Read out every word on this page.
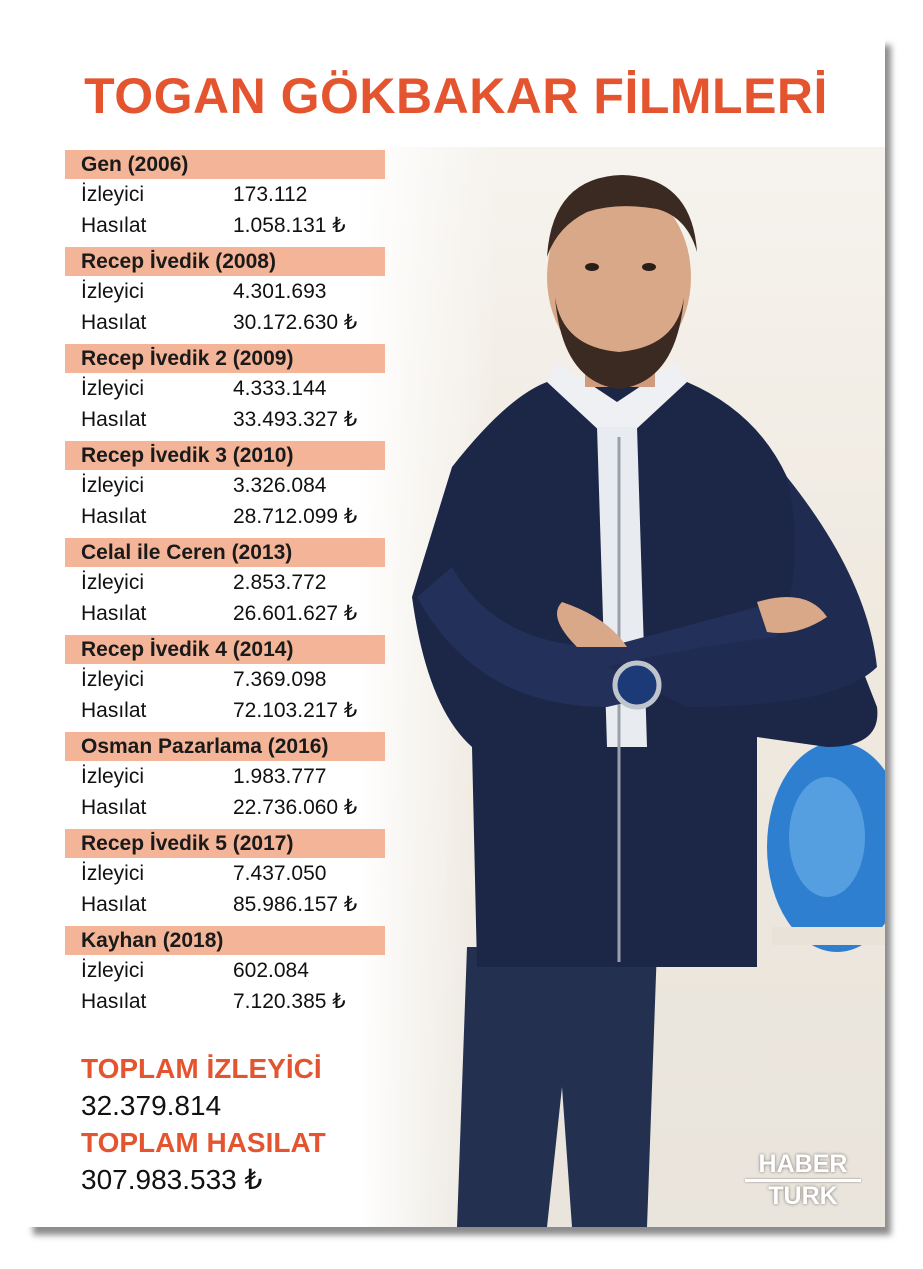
TOGAN GÖKBAKAR FİLMLERİ
Gen (2006)
İzleyici	173.112
Hasılat	1.058.131 ₺
Recep İvedik (2008)
İzleyici	4.301.693
Hasılat	30.172.630 ₺
Recep İvedik 2 (2009)
İzleyici	4.333.144
Hasılat	33.493.327 ₺
Recep İvedik 3 (2010)
İzleyici	3.326.084
Hasılat	28.712.099 ₺
Celal ile Ceren (2013)
İzleyici	2.853.772
Hasılat	26.601.627 ₺
Recep İvedik 4 (2014)
İzleyici	7.369.098
Hasılat	72.103.217 ₺
Osman Pazarlama (2016)
İzleyici	1.983.777
Hasılat	22.736.060 ₺
Recep İvedik 5 (2017)
İzleyici	7.437.050
Hasılat	85.986.157 ₺
Kayhan (2018)
İzleyici	602.084
Hasılat	7.120.385 ₺
TOPLAM İZLEYİCİ
32.379.814
TOPLAM HASILAT
307.983.533 ₺	HABER
TURK
